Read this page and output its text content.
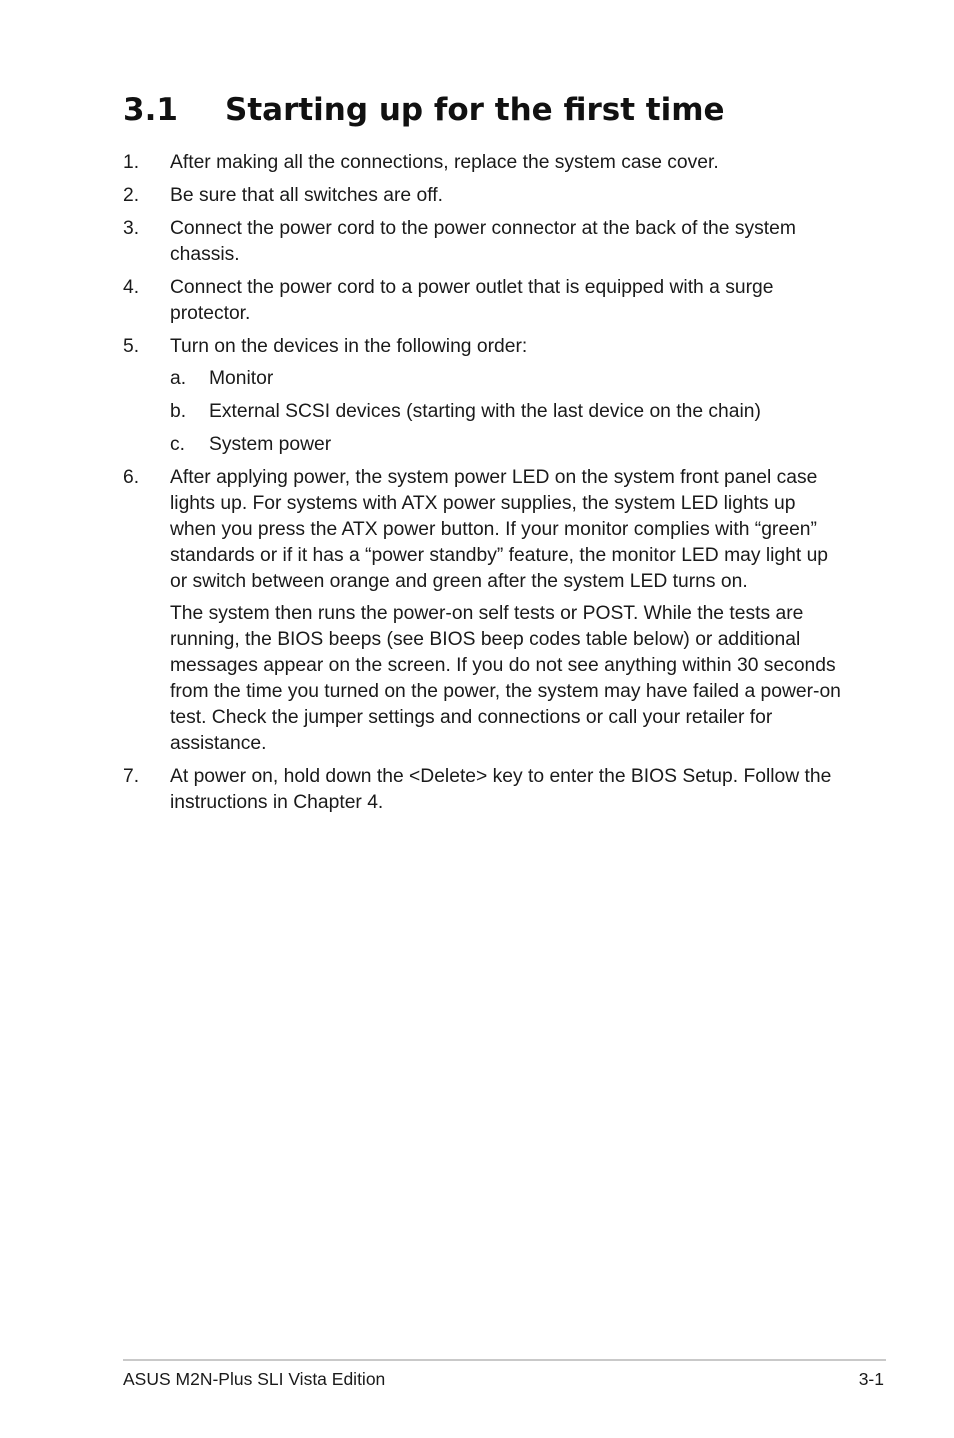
3.1 Starting up for the first time
1. After making all the connections, replace the system case cover.

2. Be sure that all switches are off.

3. Connect the power cord to the power connector at the back of the system chassis.

4. Connect the power cord to a power outlet that is equipped with a surge protector.

5. Turn on the devices in the following order:

a. Monitor
b. External SCSI devices (starting with the last device on the chain)
c. System power
6. After applying power, the system power LED on the system front panel case lights up. For systems with ATX power supplies, the system LED lights up when you press the ATX power button. If your monitor complies with “green” standards or if it has a “power standby” feature, the monitor LED may light up or switch between orange and green after the system LED turns on.

The system then runs the power-on self tests or POST. While the tests are running, the BIOS beeps (see BIOS beep codes table below) or additional messages appear on the screen. If you do not see anything within 30 seconds from the time you turned on the power, the system may have failed a power-on test. Check the jumper settings and connections or call your retailer for assistance.

7. At power on, hold down the <Delete> key to enter the BIOS Setup. Follow the instructions in Chapter 4.

ASUS M2N-Plus SLI Vista Edition	3-1
